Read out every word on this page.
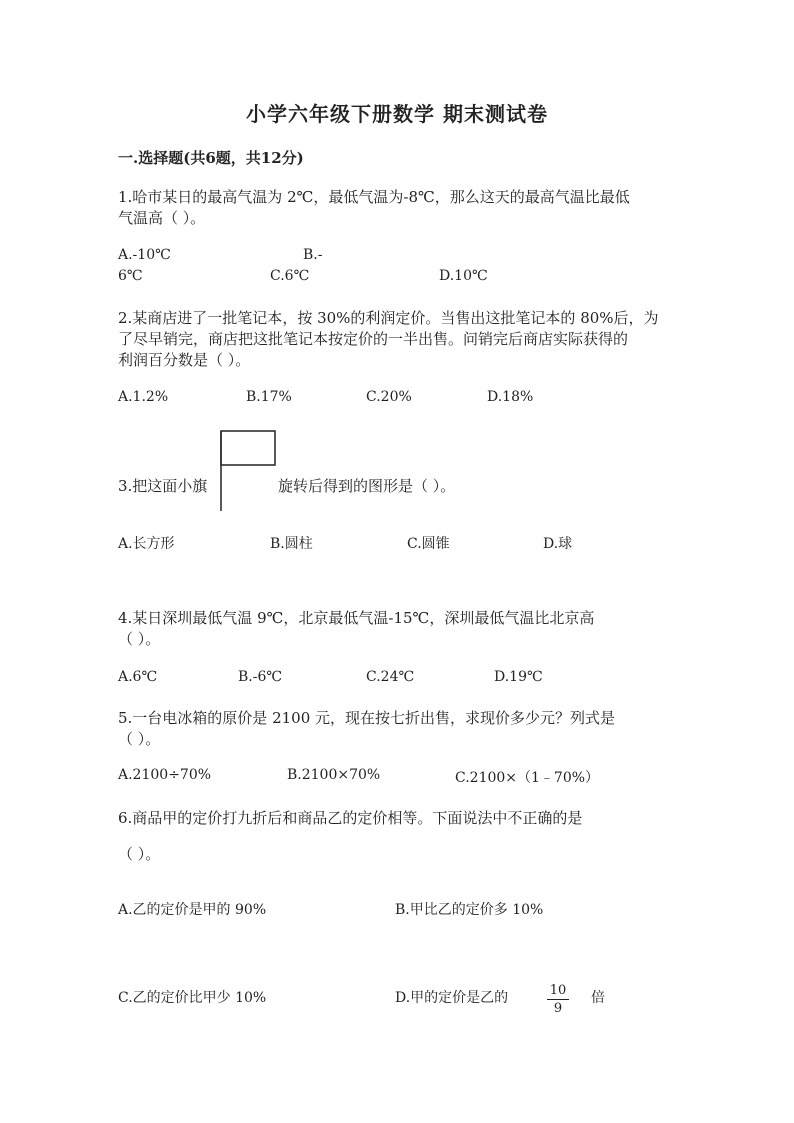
小学六年级下册数学 期末测试卷
一.选择题(共6题，共12分)
1.哈市某日的最高气温为 2℃，最低气温为-8℃，那么这天的最高气温比最低
气温高（ ）。
A.-10℃	B.-
6℃	C.6℃	D.10℃
2.某商店进了一批笔记本，按 30%的利润定价。当售出这批笔记本的 80%后，为
了尽早销完，商店把这批笔记本按定价的一半出售。问销完后商店实际获得的
利润百分数是（ ）。
A.1.2%	B.17%	C.20%	D.18%
3.把这面小旗	旋转后得到的图形是（ ）。
A.长方形	B.圆柱	C.圆锥	D.球
4.某日深圳最低气温 9℃，北京最低气温-15℃，深圳最低气温比北京高
（ ）。
A.6℃	B.-6℃	C.24℃	D.19℃
5.一台电冰箱的原价是 2100 元，现在按七折出售，求现价多少元？列式是
（ ）。
A.2100÷70%	B.2100×70%	C.2100×（1﹣70%）
6.商品甲的定价打九折后和商品乙的定价相等。下面说法中不正确的是
（ ）。
A.乙的定价是甲的 90%	B.甲比乙的定价多 10%
C.乙的定价比甲少 10%	D.甲的定价是乙的	$\frac{10}{9}$ 倍
